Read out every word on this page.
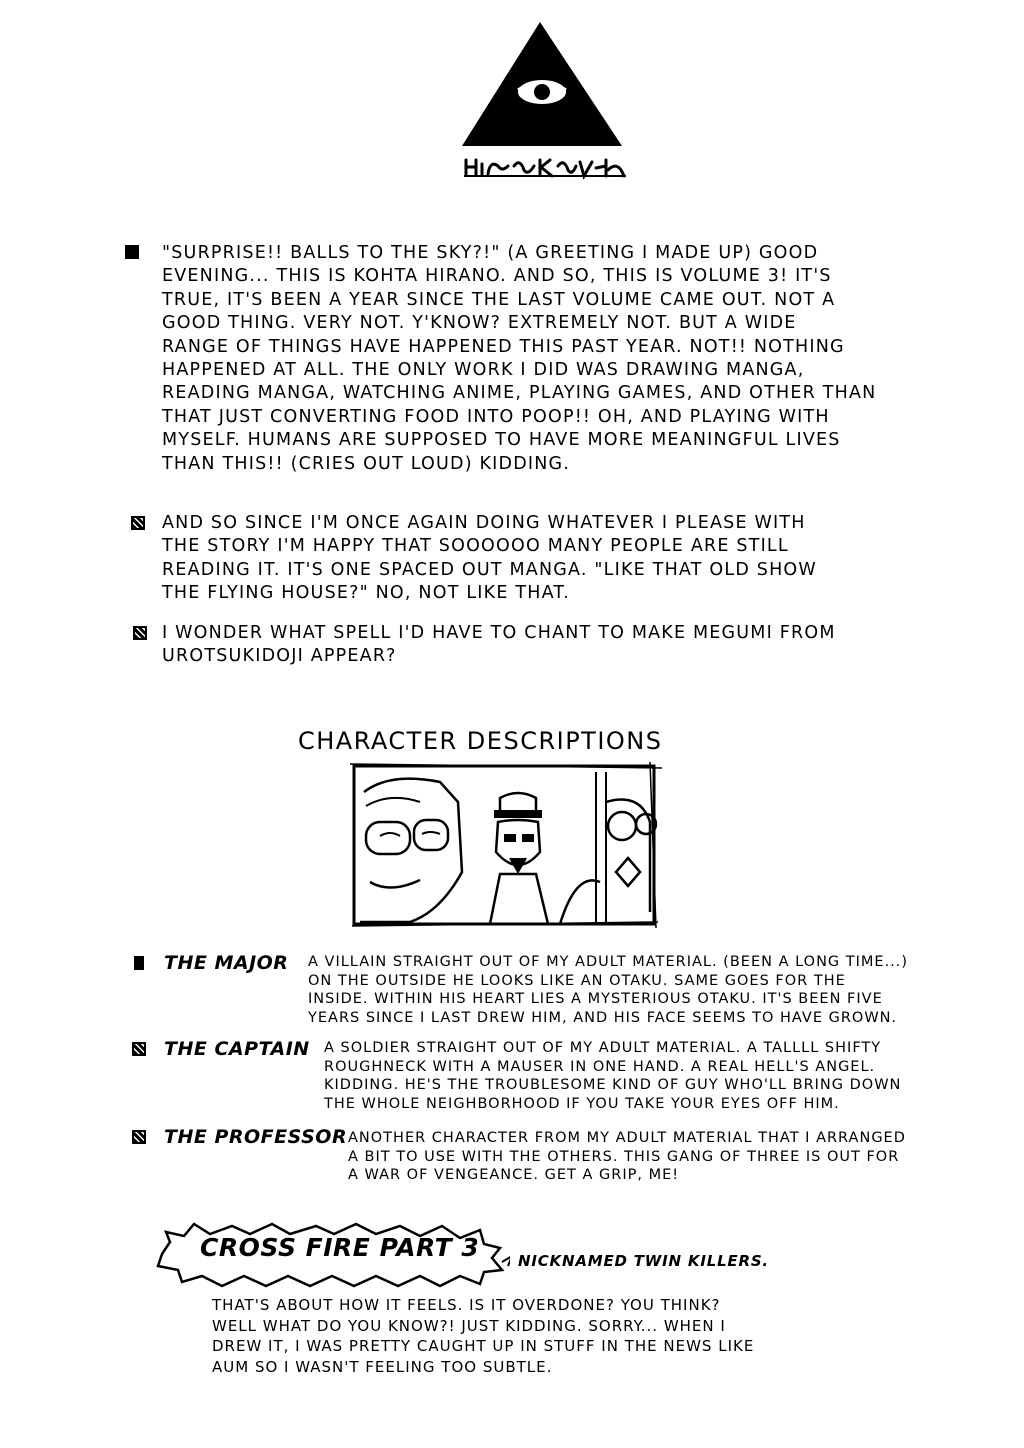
"SURPRISE!! BALLS TO THE SKY?!" (A GREETING I MADE UP) GOOD
EVENING... THIS IS KOHTA HIRANO. AND SO, THIS IS VOLUME 3! IT'S
TRUE, IT'S BEEN A YEAR SINCE THE LAST VOLUME CAME OUT. NOT A
GOOD THING. VERY NOT. Y'KNOW? EXTREMELY NOT. BUT A WIDE
RANGE OF THINGS HAVE HAPPENED THIS PAST YEAR. NOT!! NOTHING
HAPPENED AT ALL. THE ONLY WORK I DID WAS DRAWING MANGA,
READING MANGA, WATCHING ANIME, PLAYING GAMES, AND OTHER THAN
THAT JUST CONVERTING FOOD INTO POOP!! OH, AND PLAYING WITH
MYSELF. HUMANS ARE SUPPOSED TO HAVE MORE MEANINGFUL LIVES
THAN THIS!! (CRIES OUT LOUD) KIDDING.
AND SO SINCE I'M ONCE AGAIN DOING WHATEVER I PLEASE WITH
THE STORY I'M HAPPY THAT SOOOOOO MANY PEOPLE ARE STILL
READING IT. IT'S ONE SPACED OUT MANGA. "LIKE THAT OLD SHOW
THE FLYING HOUSE?" NO, NOT LIKE THAT.
I WONDER WHAT SPELL I'D HAVE TO CHANT TO MAKE MEGUMI FROM
UROTSUKIDOJI APPEAR?
CHARACTER DESCRIPTIONS
THE MAJOR A VILLAIN STRAIGHT OUT OF MY ADULT MATERIAL. (BEEN A LONG TIME...)
ON THE OUTSIDE HE LOOKS LIKE AN OTAKU. SAME GOES FOR THE
INSIDE. WITHIN HIS HEART LIES A MYSTERIOUS OTAKU. IT'S BEEN FIVE
YEARS SINCE I LAST DREW HIM, AND HIS FACE SEEMS TO HAVE GROWN.
THE CAPTAIN A SOLDIER STRAIGHT OUT OF MY ADULT MATERIAL. A TALLLL SHIFTY
ROUGHNECK WITH A MAUSER IN ONE HAND. A REAL HELL'S ANGEL.
KIDDING. HE'S THE TROUBLESOME KIND OF GUY WHO'LL BRING DOWN
THE WHOLE NEIGHBORHOOD IF YOU TAKE YOUR EYES OFF HIM.
THE PROFESSOR ANOTHER CHARACTER FROM MY ADULT MATERIAL THAT I ARRANGED
A BIT TO USE WITH THE OTHERS. THIS GANG OF THREE IS OUT FOR
A WAR OF VENGEANCE. GET A GRIP, ME!
CROSS FIRE PART 3	NICKNAMED TWIN KILLERS.
THAT'S ABOUT HOW IT FEELS. IS IT OVERDONE? YOU THINK?
WELL WHAT DO YOU KNOW?! JUST KIDDING. SORRY... WHEN I
DREW IT, I WAS PRETTY CAUGHT UP IN STUFF IN THE NEWS LIKE
AUM SO I WASN'T FEELING TOO SUBTLE.
